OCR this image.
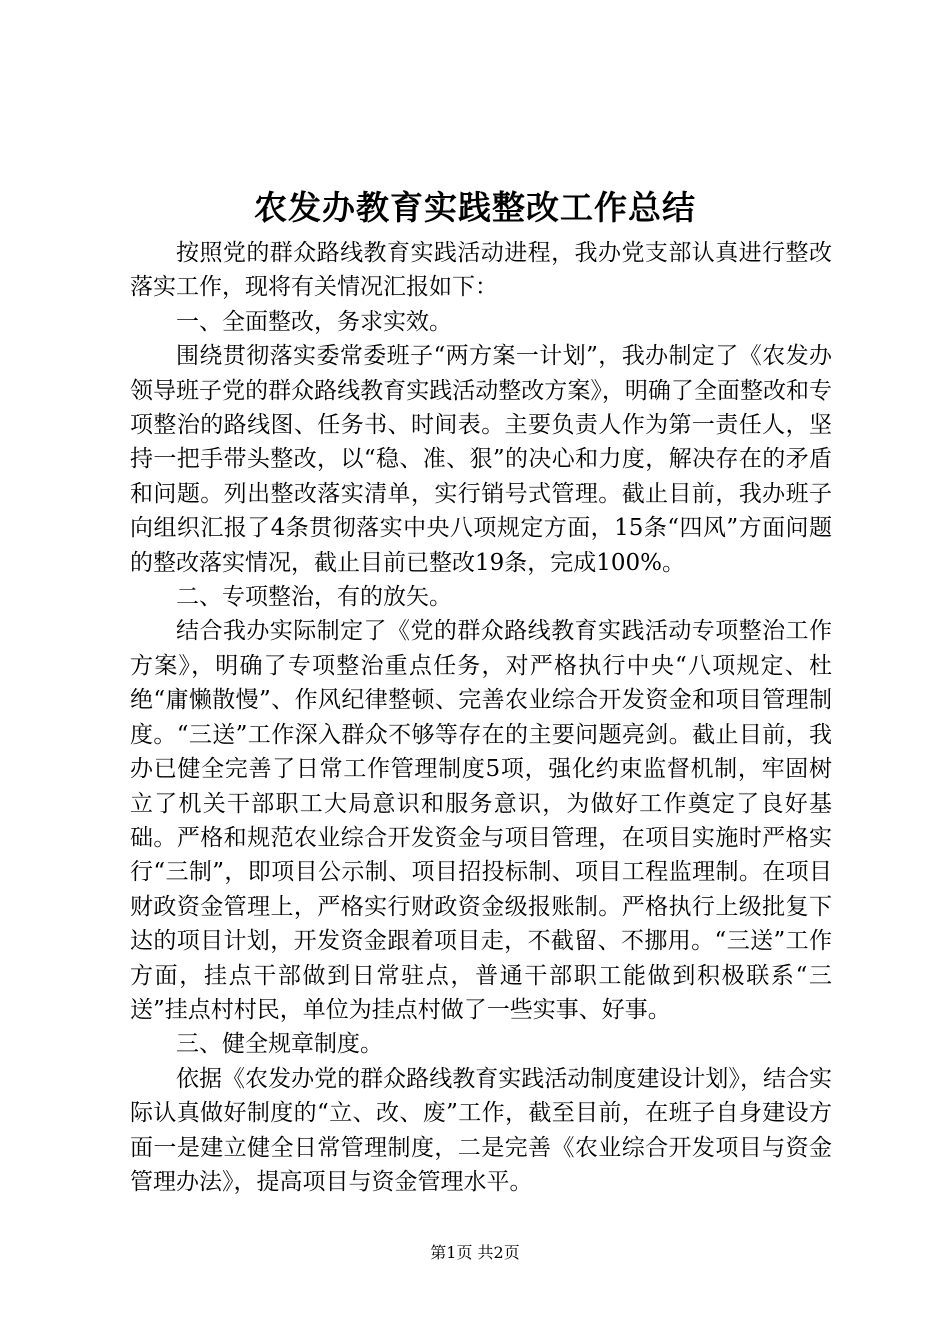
农发办教育实践整改工作总结

按照党的群众路线教育实践活动进程，我办党支部认真进行整改落实工作，现将有关情况汇报如下：

一、全面整改，务求实效。

围绕贯彻落实委常委班子“两方案一计划”，我办制定了《农发办领导班子党的群众路线教育实践活动整改方案》，明确了全面整改和专项整治的路线图、任务书、时间表。主要负责人作为第一责任人，坚持一把手带头整改，以“稳、准、狠”的决心和力度，解决存在的矛盾和问题。列出整改落实清单，实行销号式管理。截止目前，我办班子向组织汇报了4条贯彻落实中央八项规定方面，15条“四风”方面问题的整改落实情况，截止目前已整改19条，完成100%。

二、专项整治，有的放矢。

结合我办实际制定了《党的群众路线教育实践活动专项整治工作方案》，明确了专项整治重点任务，对严格执行中央“八项规定、杜绝“庸懒散慢”、作风纪律整顿、完善农业综合开发资金和项目管理制度。“三送”工作深入群众不够等存在的主要问题亮剑。截止目前，我办已健全完善了日常工作管理制度5项，强化约束监督机制，牢固树立了机关干部职工大局意识和服务意识，为做好工作奠定了良好基础。严格和规范农业综合开发资金与项目管理，在项目实施时严格实行“三制”，即项目公示制、项目招投标制、项目工程监理制。在项目财政资金管理上，严格实行财政资金级报账制。严格执行上级批复下达的项目计划，开发资金跟着项目走，不截留、不挪用。“三送”工作方面，挂点干部做到日常驻点，普通干部职工能做到积极联系“三送”挂点村村民，单位为挂点村做了一些实事、好事。

三、健全规章制度。

依据《农发办党的群众路线教育实践活动制度建设计划》，结合实际认真做好制度的“立、改、废”工作，截至目前，在班子自身建设方面一是建立健全日常管理制度，二是完善《农业综合开发项目与资金管理办法》，提高项目与资金管理水平。

第1页 共2页
